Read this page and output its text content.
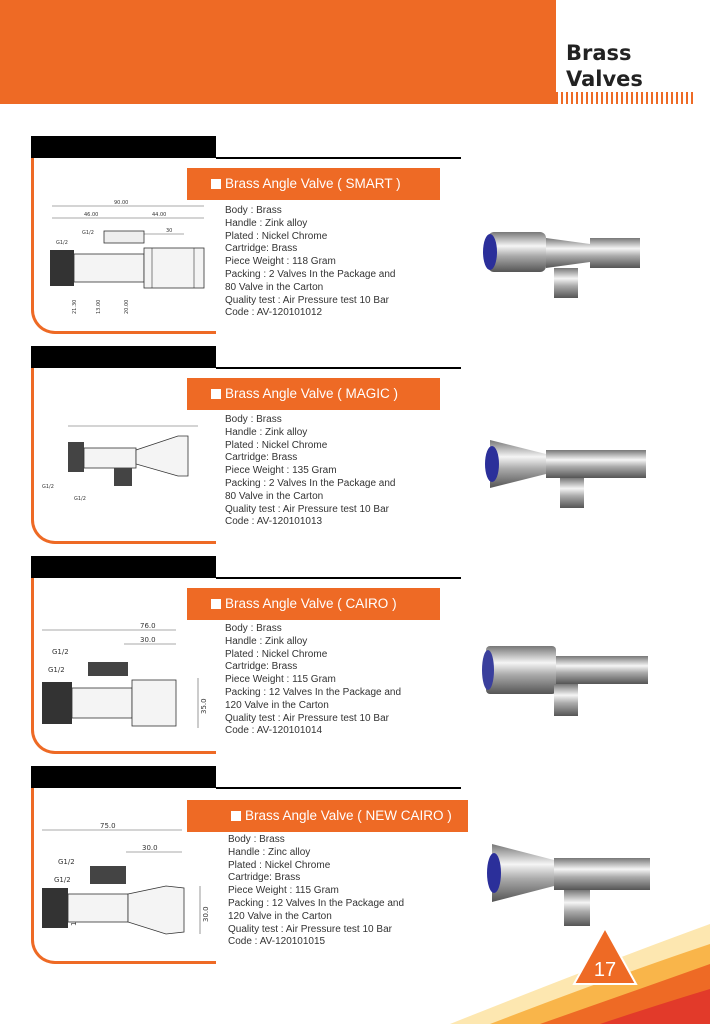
Brass
Valves
Brass Angle Valve ( SMART )
Body : Brass
Handle : Zink alloy
Plated : Nickel Chrome
Cartridge: Brass
Piece Weight : 118 Gram
Packing : 2 Valves In the Package and
80 Valve in the Carton
Quality test : Air Pressure test 10 Bar
Code : AV-120101012
90.00
46.00	44.00
30
G1/2
G1/2
21.30	13.00	20.00
Brass Angle Valve ( MAGIC )
Body : Brass
Handle : Zink alloy
Plated : Nickel Chrome
Cartridge: Brass
Piece Weight : 135 Gram
Packing : 2 Valves In the Package and
80 Valve in the Carton
Quality test : Air Pressure test 10 Bar
Code : AV-120101013
G1/2
G1/2
Brass Angle Valve ( CAIRO )
Body : Brass
Handle : Zink alloy
Plated : Nickel Chrome
Cartridge: Brass
Piece Weight : 115 Gram
Packing : 12 Valves In the Package and
120 Valve in the Carton
Quality test : Air Pressure test 10 Bar
Code : AV-120101014
76.0
30.0
35.0
G1/2
G1/2
Brass Angle Valve ( NEW CAIRO )
Body : Brass
Handle : Zinc alloy
Plated : Nickel Chrome
Cartridge: Brass
Piece Weight : 115 Gram
Packing : 12 Valves In the Package and
120 Valve in the Carton
Quality test : Air Pressure test 10 Bar
Code : AV-120101015
75.0
30.0
30.0
G1/2
G1/2
17
